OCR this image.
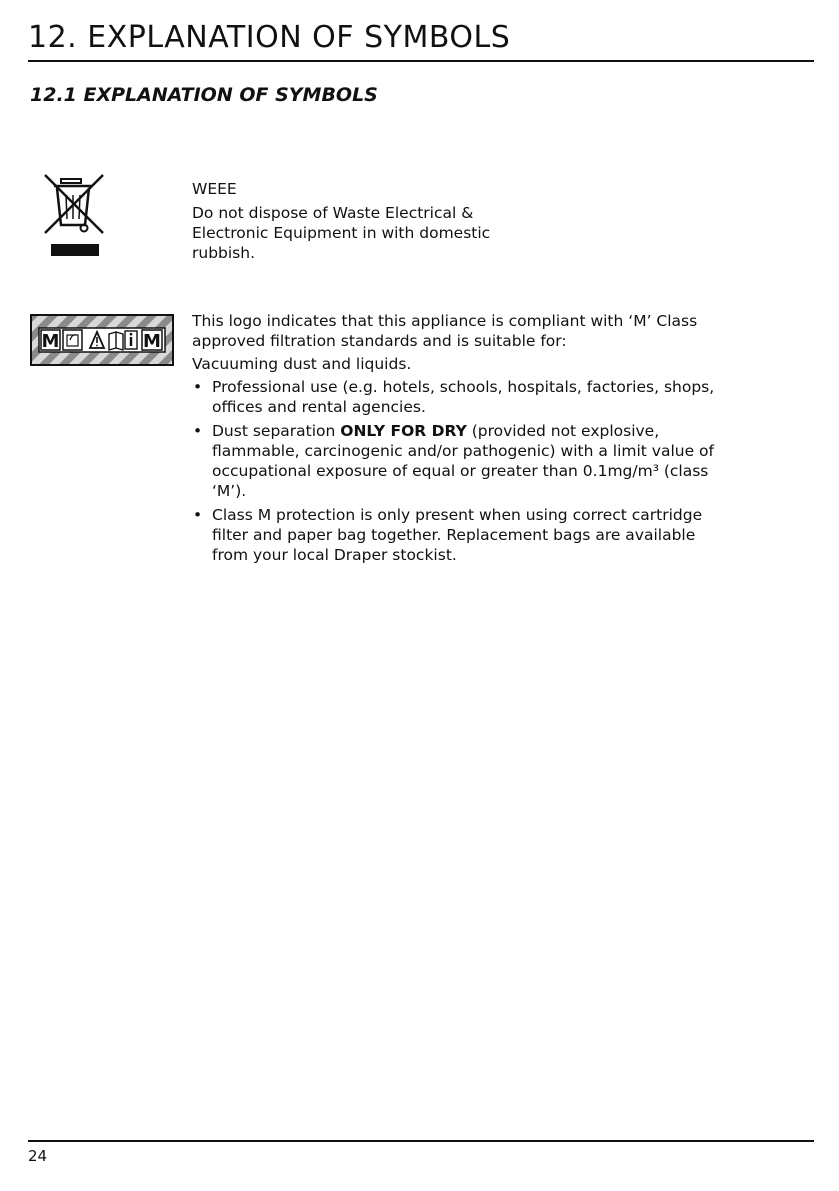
12. EXPLANATION OF SYMBOLS
12.1 EXPLANATION OF SYMBOLS
WEEE
Do not dispose of Waste Electrical & Electronic Equipment in with domestic rubbish.
M	M
This logo indicates that this appliance is compliant with ‘M’ Class approved filtration standards and is suitable for:
Vacuuming dust and liquids.
• Professional use (e.g. hotels, schools, hospitals, factories, shops, offices and rental agencies.
• Dust separation ONLY FOR DRY (provided not explosive, flammable, carcinogenic and/or pathogenic) with a limit value of occupational exposure of equal or greater than 0.1mg/m³ (class ‘M’).
• Class M protection is only present when using correct cartridge filter and paper bag together. Replacement bags are available from your local Draper stockist.
24
